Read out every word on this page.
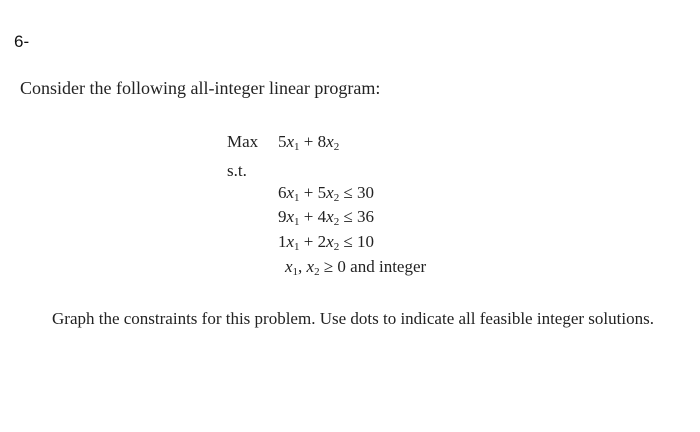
6-
Consider the following all-integer linear program:
Max $5x_1 + 8x_2$
s.t.
$6x_1 + 5x_2 \le 30$
$9x_1 + 4x_2 \le 36$
$1x_1 + 2x_2 \le 10$
$x_1$, $x_2 \ge 0$ and integer
Graph the constraints for this problem. Use dots to indicate all feasible integer solutions.
